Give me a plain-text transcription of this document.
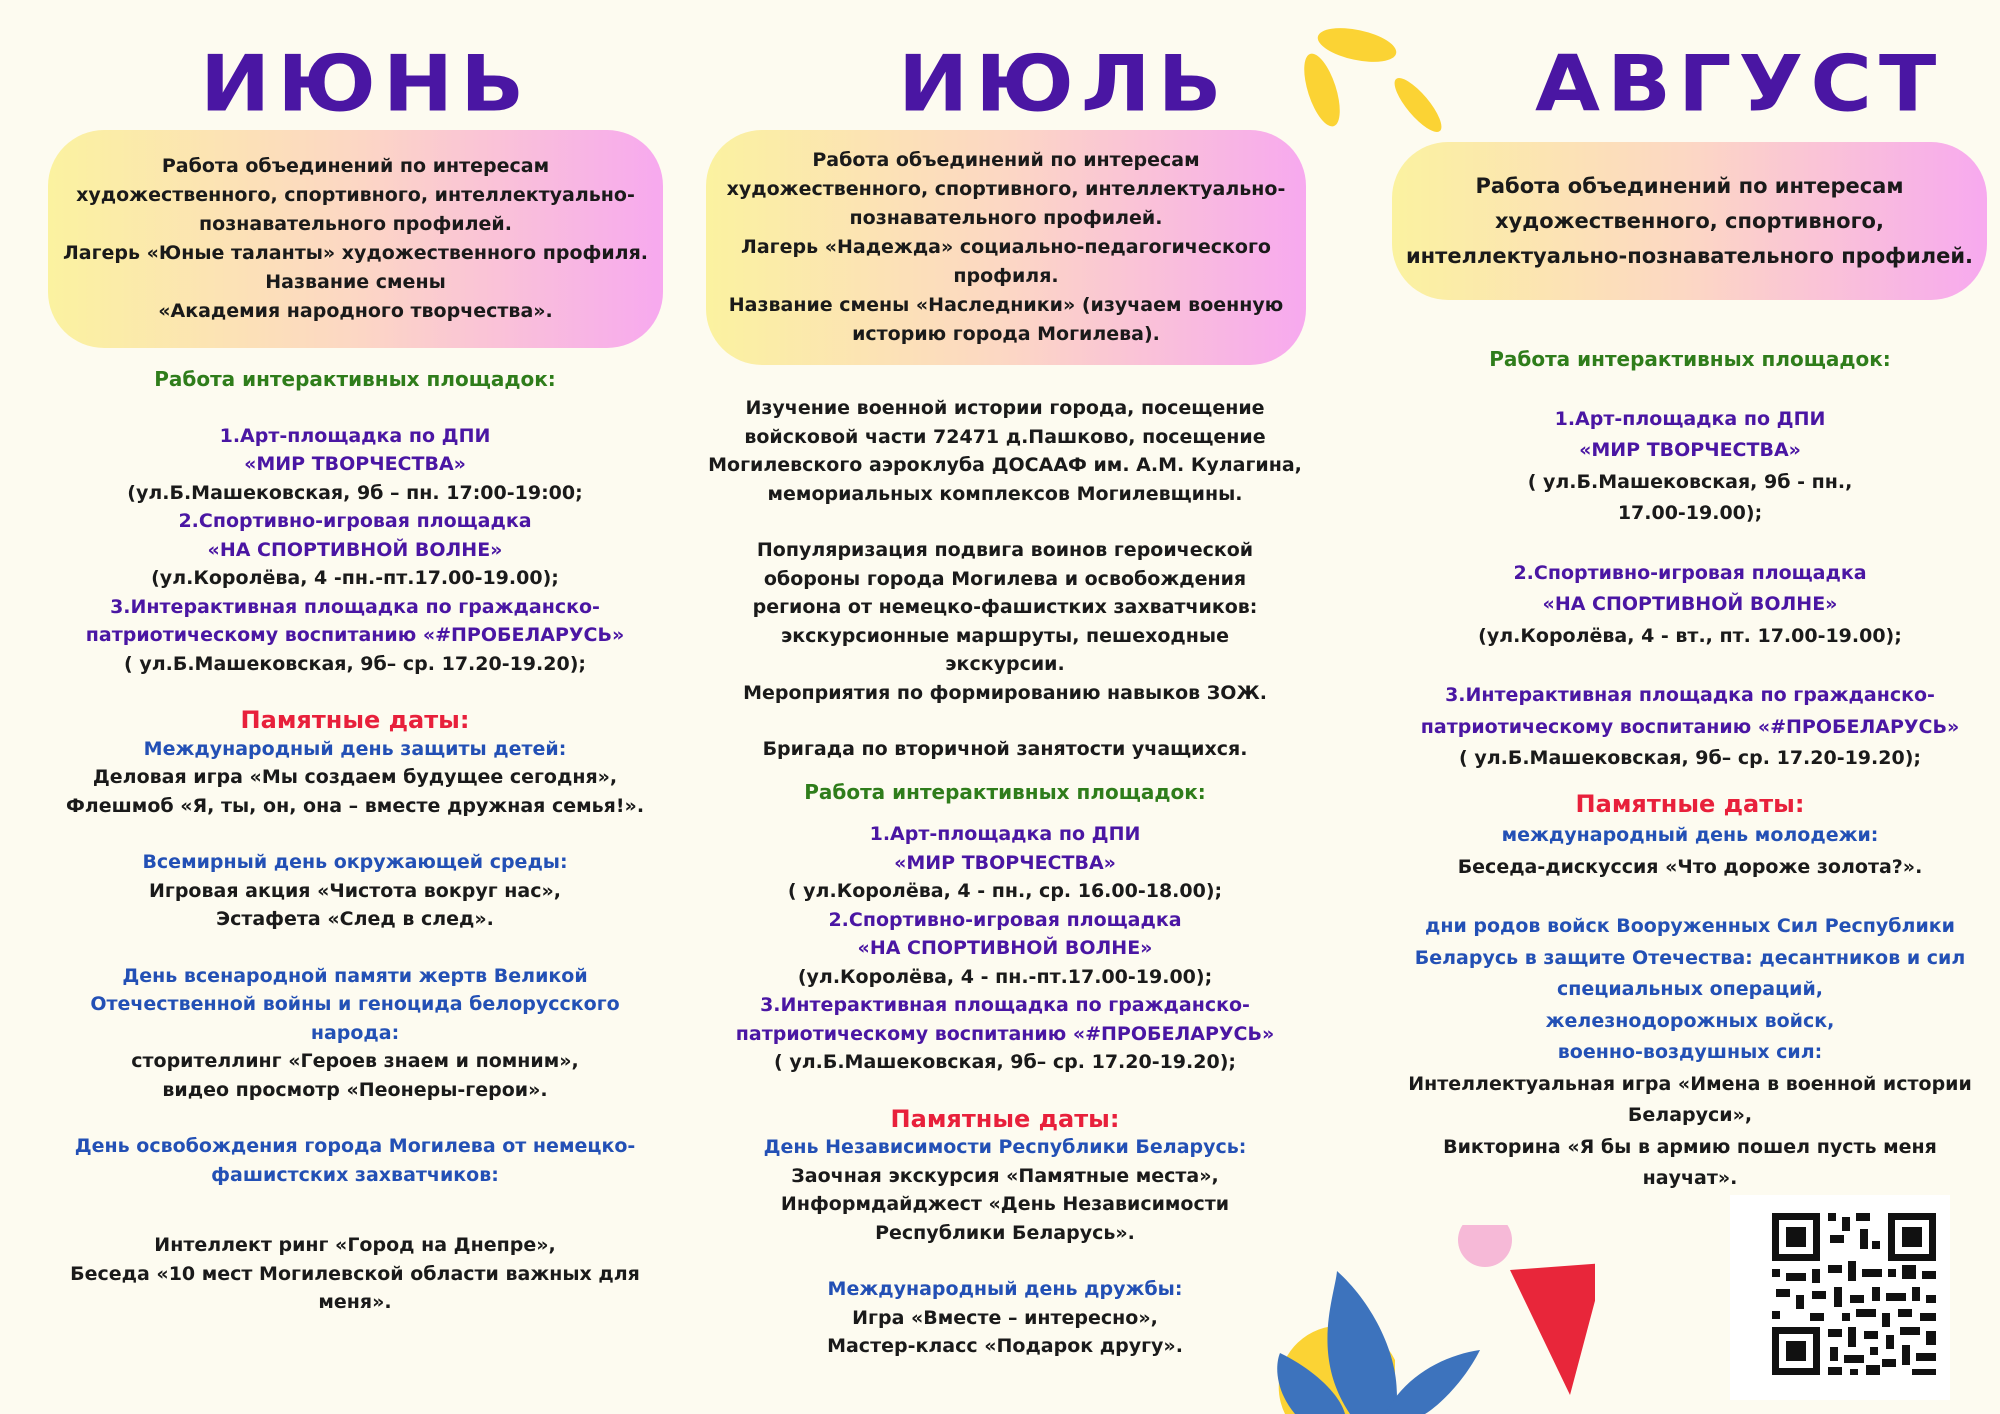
ИЮНЬ
Работа объединений по интересам
художественного, спортивного, интеллектуально-
познавательного профилей.
Лагерь «Юные таланты» художественного профиля.
Название смены
«Академия народного творчества».
Работа интерактивных площадок:
1.Арт-площадка по ДПИ
«МИР ТВОРЧЕСТВА»
(ул.Б.Машековская, 9б – пн. 17:00-19:00;
2.Спортивно-игровая площадка
«НА СПОРТИВНОЙ ВОЛНЕ»
(ул.Королёва, 4 -пн.-пт.17.00-19.00);
3.Интерактивная площадка по гражданско-
патриотическому воспитанию «#ПРОБЕЛАРУСЬ»
( ул.Б.Машековская, 9б– ср. 17.20-19.20);
Памятные даты:
Международный день защиты детей:
Деловая игра «Мы создаем будущее сегодня»,
Флешмоб «Я, ты, он, она – вместе дружная семья!».
Всемирный день окружающей среды:
Игровая акция «Чистота вокруг нас»,
Эстафета «След в след».
День всенародной памяти жертв Великой
Отечественной войны и геноцида белорусского
народа:
сторителлинг «Героев знаем и помним»,
видео просмотр «Пеонеры-герои».
День освобождения города Могилева от немецко-
фашистских захватчиков:
Интеллект ринг «Город на Днепре»,
Беседа «10 мест Могилевской области важных для
меня».
ИЮЛЬ
Работа объединений по интересам
художественного, спортивного, интеллектуально-
познавательного профилей.
Лагерь «Надежда» социально-педагогического
профиля.
Название смены «Наследники» (изучаем военную
историю города Могилева).
Изучение военной истории города, посещение
войсковой части 72471 д.Пашково, посещение
Могилевского аэроклуба ДОСААФ им. А.М. Кулагина,
мемориальных комплексов Могилевщины.
Популяризация подвига воинов героической
обороны города Могилева и освобождения
региона от немецко-фашистких захватчиков:
экскурсионные маршруты, пешеходные
экскурсии.
Мероприятия по формированию навыков ЗОЖ.
Бригада по вторичной занятости учащихся.
Работа интерактивных площадок:
1.Арт-площадка по ДПИ
«МИР ТВОРЧЕСТВА»
( ул.Королёва, 4 - пн., ср. 16.00-18.00);
2.Спортивно-игровая площадка
«НА СПОРТИВНОЙ ВОЛНЕ»
(ул.Королёва, 4 - пн.-пт.17.00-19.00);
3.Интерактивная площадка по гражданско-
патриотическому воспитанию «#ПРОБЕЛАРУСЬ»
( ул.Б.Машековская, 9б– ср. 17.20-19.20);
Памятные даты:
День Независимости Республики Беларусь:
Заочная экскурсия «Памятные места»,
Информдайджест «День Независимости
Республики Беларусь».
Международный день дружбы:
Игра «Вместе – интересно»,
Мастер-класс «Подарок другу».
АВГУСТ
Работа объединений по интересам
художественного, спортивного,
интеллектуально-познавательного профилей.
Работа интерактивных площадок:
1.Арт-площадка по ДПИ
«МИР ТВОРЧЕСТВА»
( ул.Б.Машековская, 9б - пн.,
17.00-19.00);
2.Спортивно-игровая площадка
«НА СПОРТИВНОЙ ВОЛНЕ»
(ул.Королёва, 4 - вт., пт. 17.00-19.00);
3.Интерактивная площадка по гражданско-
патриотическому воспитанию «#ПРОБЕЛАРУСЬ»
( ул.Б.Машековская, 9б– ср. 17.20-19.20);
Памятные даты:
международный день молодежи:
Беседа-дискуссия «Что дороже золота?».
дни родов войск Вооруженных Сил Республики
Беларусь в защите Отечества: десантников и сил
специальных операций,
железнодорожных войск,
военно-воздушных сил:
Интеллектуальная игра «Имена в военной истории
Беларуси»,
Викторина «Я бы в армию пошел пусть меня
научат».
